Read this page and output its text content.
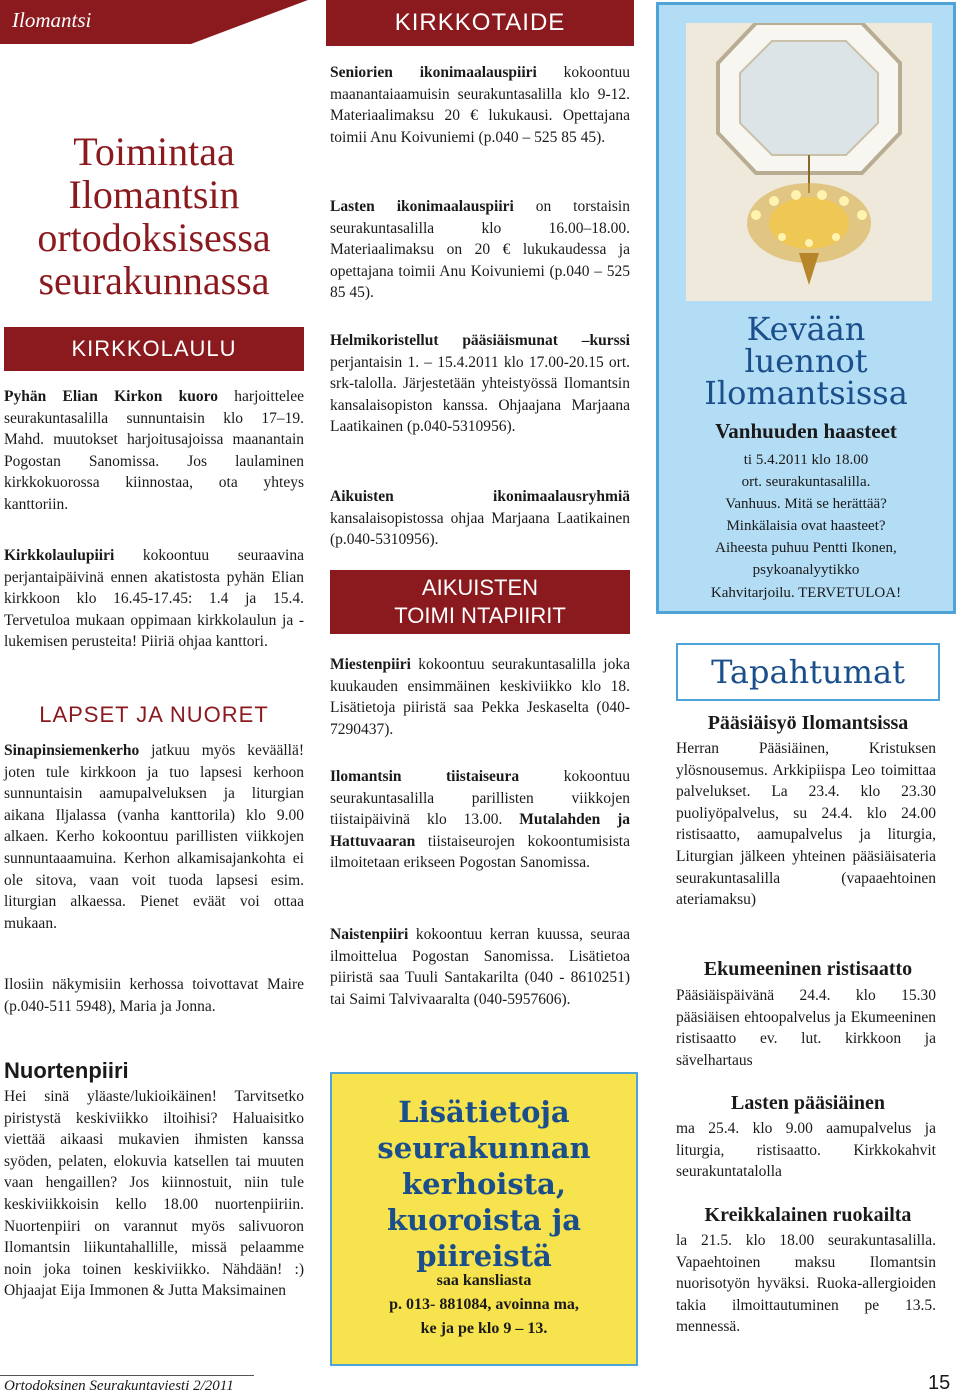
Ilomantsi
Toimintaa
Ilomantsin
ortodoksisessa
seurakunnassa
KIRKKOLAULU
Pyhän Elian Kirkon kuoro harjoittelee seurakuntasalilla sunnuntaisin klo 17–19. Mahd. muutokset harjoitusajoissa maanantain Pogostan Sanomissa. Jos laulaminen kirkkokuorossa kiinnostaa, ota yhteys kanttoriin.
Kirkkolaulupiiri kokoontuu seuraavina perjantaipäivinä ennen akatistosta pyhän Elian kirkkoon klo 16.45-17.45: 1.4 ja 15.4. Tervetuloa mukaan oppimaan kirkkolaulun ja -lukemisen perusteita! Piiriä ohjaa kanttori.
LAPSET JA NUORET
Sinapinsiemenkerho jatkuu myös keväällä! joten tule kirkkoon ja tuo lapsesi kerhoon sunnuntaisin aamupalveluksen ja liturgian aikana Iljalassa (vanha kanttorila) klo 9.00 alkaen. Kerho kokoontuu parillisten viikkojen sunnuntaaamuina. Kerhon alkamisajankohta ei ole sitova, vaan voit tuoda lapsesi esim. liturgian alkaessa. Pienet eväät voi ottaa mukaan.
Ilosiin näkymisiin kerhossa toivottavat Maire (p.040-511 5948), Maria ja Jonna.
Nuortenpiiri
Hei sinä yläaste/lukioikäinen! Tarvitsetko piristystä keskiviikko iltoihisi? Haluaisitko viettää aikaasi mukavien ihmisten kanssa syöden, pelaten, elokuvia katsellen tai muuten vaan hengaillen? Jos kiinnostuit, niin tule keskiviikkoisin kello 18.00 nuortenpiiriin. Nuortenpiiri on varannut myös salivuoron Ilomantsin liikuntahallille, missä pelaamme noin joka toinen keskiviikko. Nähdään! :) Ohjaajat Eija Immonen & Jutta Maksimainen
KIRKKOTAIDE
Seniorien ikonimaalauspiiri kokoontuu maanantaiaamuisin seurakuntasalilla klo 9-12. Materiaalimaksu 20 € lukukausi. Opettajana toimii Anu Koivuniemi (p.040 – 525 85 45).
Lasten ikonimaalauspiiri on torstaisin seurakuntasalilla klo 16.00–18.00. Materiaalimaksu on 20 € lukukaudessa ja opettajana toimii Anu Koivuniemi (p.040 – 525 85 45).
Helmikoristellut pääsiäismunat –kurssi perjantaisin 1. – 15.4.2011 klo 17.00-20.15 ort. srk-talolla. Järjestetään yhteistyössä Ilomantsin kansalaisopiston kanssa. Ohjaajana Marjaana Laatikainen (p.040-5310956).
Aikuisten ikonimaalausryhmiä kansalaisopistossa ohjaa Marjaana Laatikainen (p.040-5310956).
AIKUISTEN
TOIMI NTAPIIRIT
Miestenpiiri kokoontuu seurakuntasalilla joka kuukauden ensimmäinen keskiviikko klo 18. Lisätietoja piiristä saa Pekka Jeskaselta (040-7290437).
Ilomantsin tiistaiseura kokoontuu seurakuntasalilla parillisten viikkojen tiistaipäivinä klo 13.00. Mutalahden ja Hattuvaaran tiistaiseurojen kokoontumisista ilmoitetaan erikseen Pogostan Sanomissa.
Naistenpiiri kokoontuu kerran kuussa, seuraa ilmoittelua Pogostan Sanomissa. Lisätietoa piiristä saa Tuuli Santakarilta (040 - 8610251) tai Saimi Talvivaaralta (040-5957606).
Lisätietoja
seurakunnan
kerhoista,
kuoroista ja
piireistä
saa kansliasta
p. 013- 881084, avoinna ma,
ke ja pe klo 9 – 13.
Kevään
luennot
Ilomantsissa
Vanhuuden haasteet
ti 5.4.2011 klo 18.00
ort. seurakuntasalilla.
Vanhuus. Mitä se herättää?
Minkälaisia ovat haasteet?
Aiheesta puhuu Pentti Ikonen,
psykoanalyytikko
Kahvitarjoilu. TERVETULOA!
Tapahtumat
Pääsiäisyö Ilomantsissa
Herran Pääsiäinen, Kristuksen ylösnousemus. Arkkipiispa Leo toimittaa palvelukset. La 23.4. klo 23.30 puoliyöpalvelus, su 24.4. klo 24.00 ristisaatto, aamupalvelus ja liturgia, Liturgian jälkeen yhteinen pääsiäisateria seurakuntasalilla (vapaaehtoinen ateriamaksu)
Ekumeeninen ristisaatto
Pääsiäispäivänä 24.4. klo 15.30 pääsiäisen ehtoopalvelus ja Ekumeeninen ristisaatto ev. lut. kirkkoon ja sävelhartaus
Lasten pääsiäinen
ma 25.4. klo 9.00 aamupalvelus ja liturgia, ristisaatto. Kirkkokahvit seurakuntatalolla
Kreikkalainen ruokailta
la 21.5. klo 18.00 seurakuntasalilla. Vapaehtoinen maksu Ilomantsin nuorisotyön hyväksi. Ruoka-allergioiden takia ilmoittautuminen pe 13.5. mennessä.
Ortodoksinen Seurakuntaviesti 2/2011	15
